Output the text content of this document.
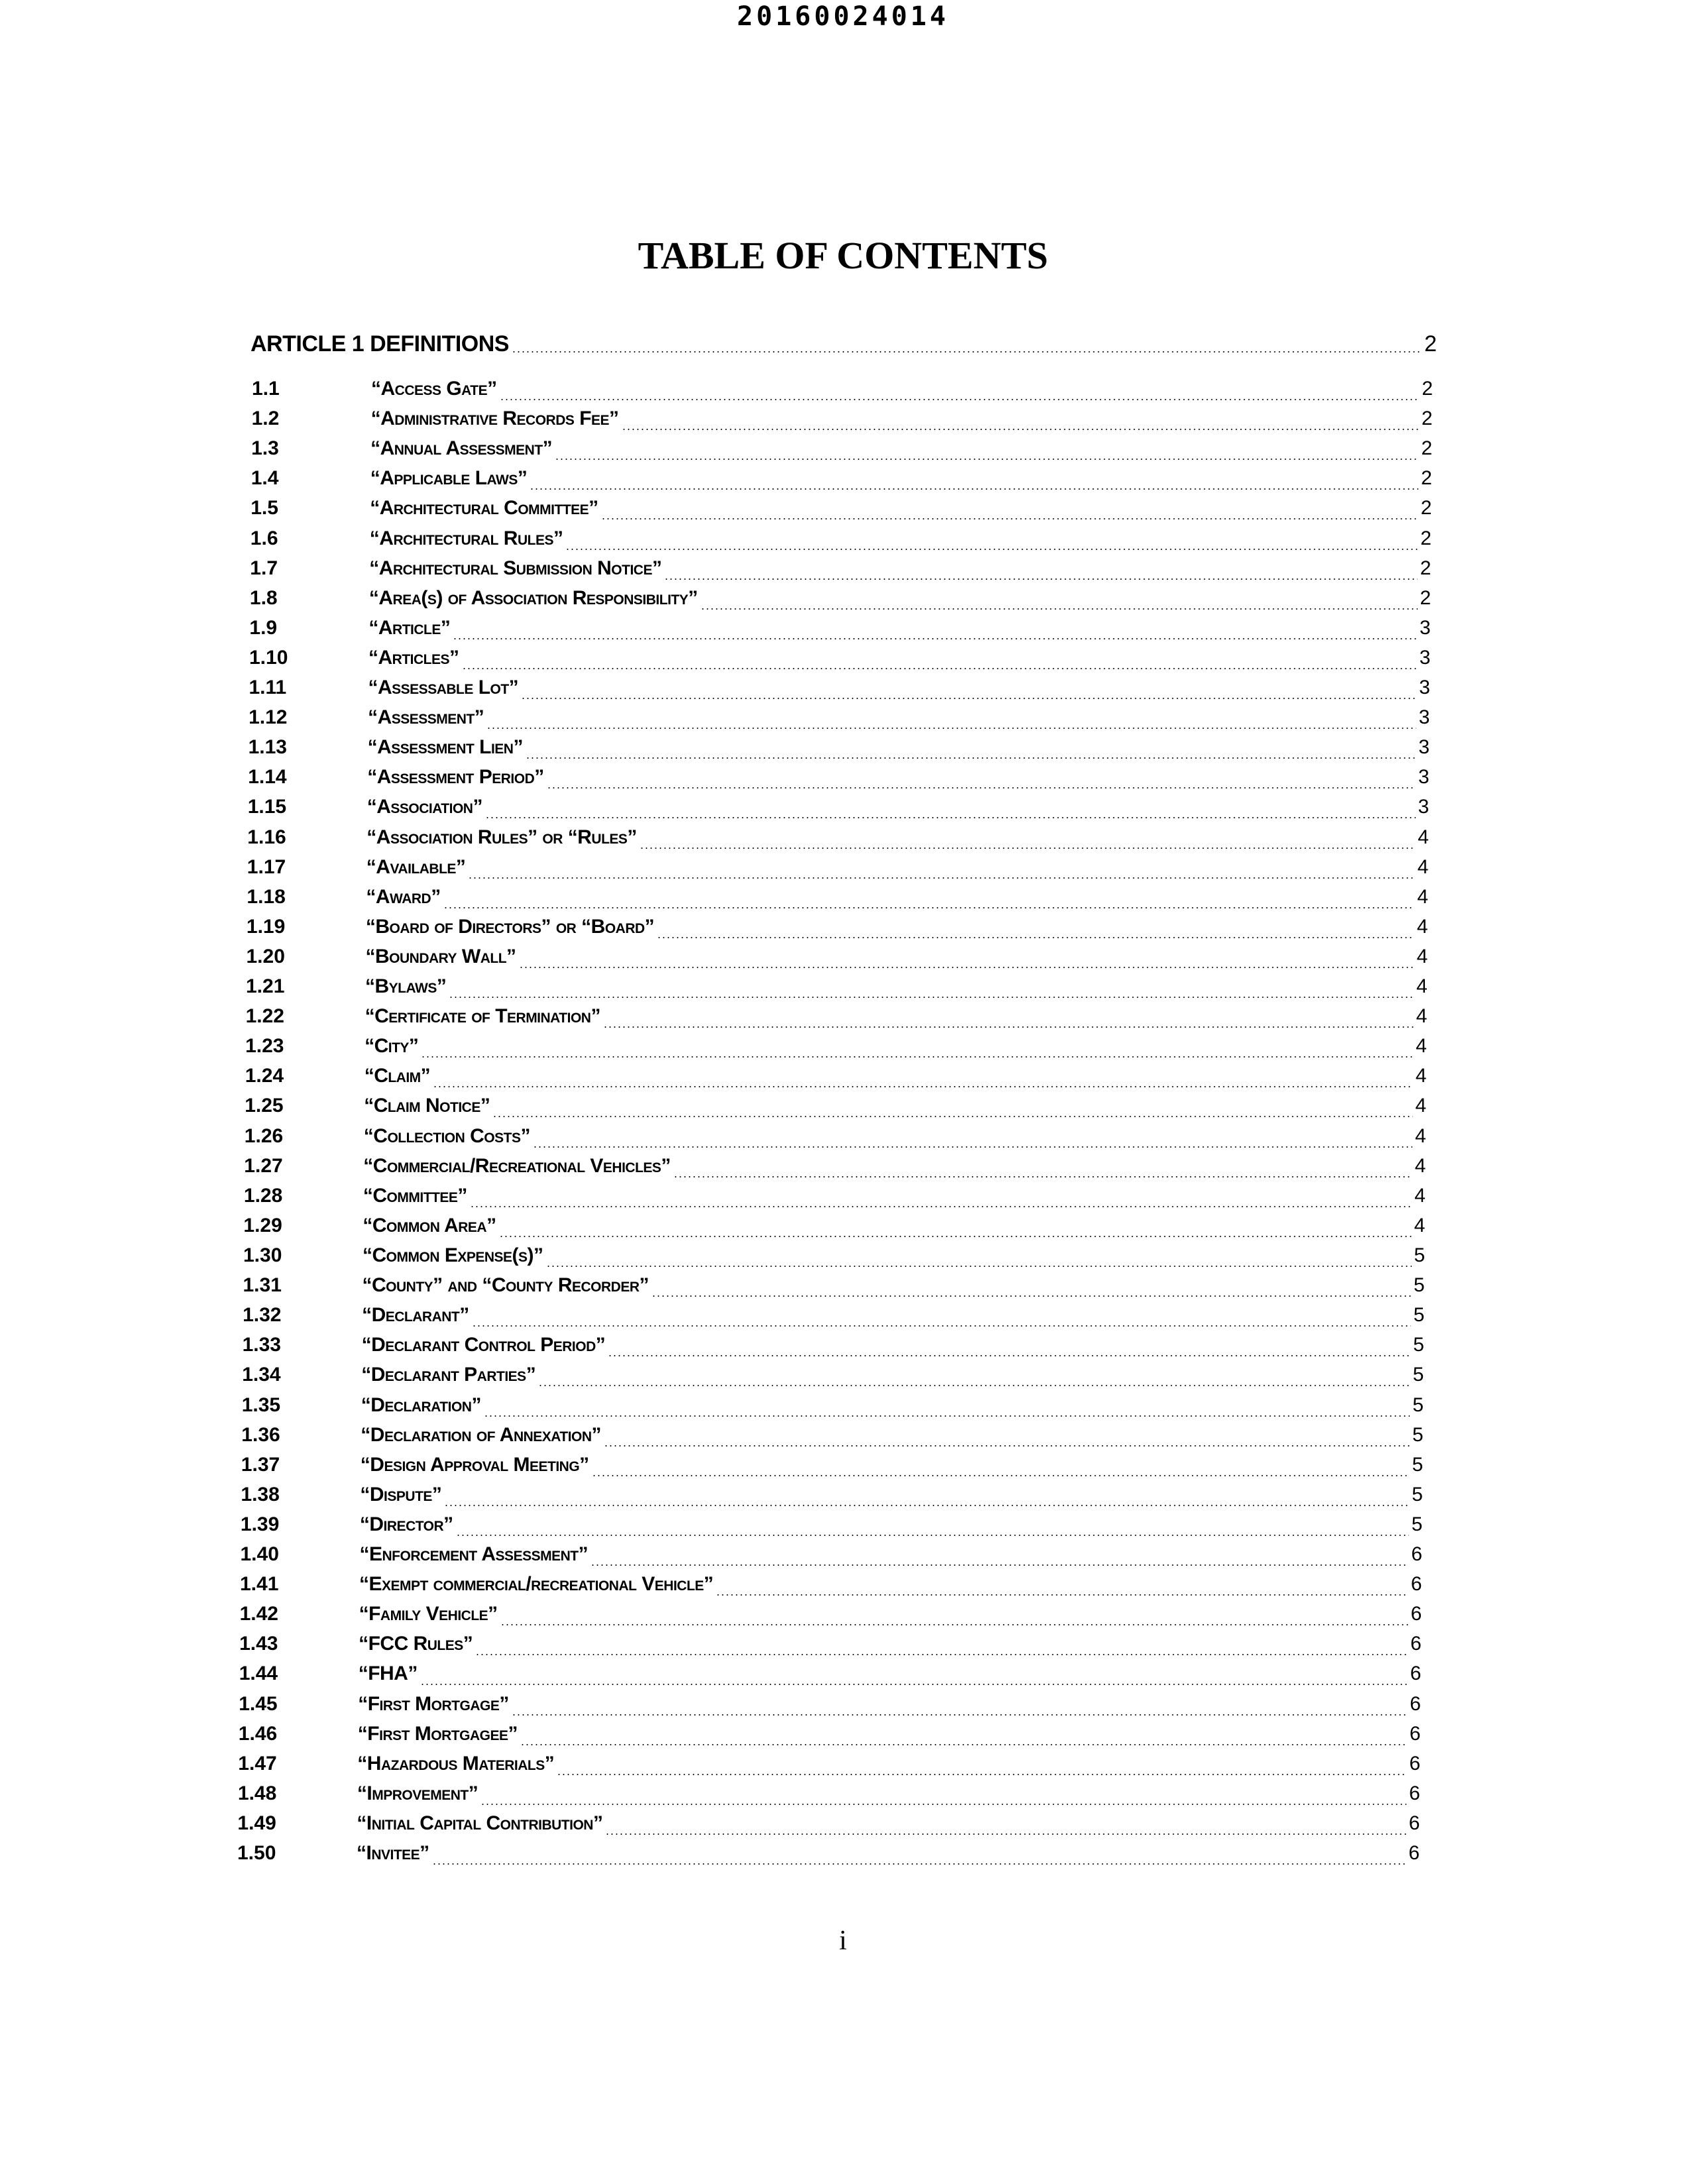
20160024014
TABLE OF CONTENTS
ARTICLE 1 DEFINITIONS	2
1.1	“Access Gate”	2
1.2	“Administrative Records Fee”	2
1.3	“Annual Assessment”	2
1.4	“Applicable Laws”	2
1.5	“Architectural Committee”	2
1.6	“Architectural Rules”	2
1.7	“Architectural Submission Notice”	2
1.8	“Area(s) of Association Responsibility”	2
1.9	“Article”	3
1.10	“Articles”	3
1.11	“Assessable Lot”	3
1.12	“Assessment”	3
1.13	“Assessment Lien”	3
1.14	“Assessment Period”	3
1.15	“Association”	3
1.16	“Association Rules” or “Rules”	4
1.17	“Available”	4
1.18	“Award”	4
1.19	“Board of Directors” or “Board”	4
1.20	“Boundary Wall”	4
1.21	“Bylaws”	4
1.22	“Certificate of Termination”	4
1.23	“City”	4
1.24	“Claim”	4
1.25	“Claim Notice”	4
1.26	“Collection Costs”	4
1.27	“Commercial/Recreational Vehicles”	4
1.28	“Committee”	4
1.29	“Common Area”	4
1.30	“Common Expense(s)”	5
1.31	“County” and “County Recorder”	5
1.32	“Declarant”	5
1.33	“Declarant Control Period”	5
1.34	“Declarant Parties”	5
1.35	“Declaration”	5
1.36	“Declaration of Annexation”	5
1.37	“Design Approval Meeting”	5
1.38	“Dispute”	5
1.39	“Director”	5
1.40	“Enforcement Assessment”	6
1.41	“Exempt commercial/recreational Vehicle”	6
1.42	“Family Vehicle”	6
1.43	“FCC Rules”	6
1.44	“FHA”	6
1.45	“First Mortgage”	6
1.46	“First Mortgagee”	6
1.47	“Hazardous Materials”	6
1.48	“Improvement”	6
1.49	“Initial Capital Contribution”	6
1.50	“Invitee”	6
i
